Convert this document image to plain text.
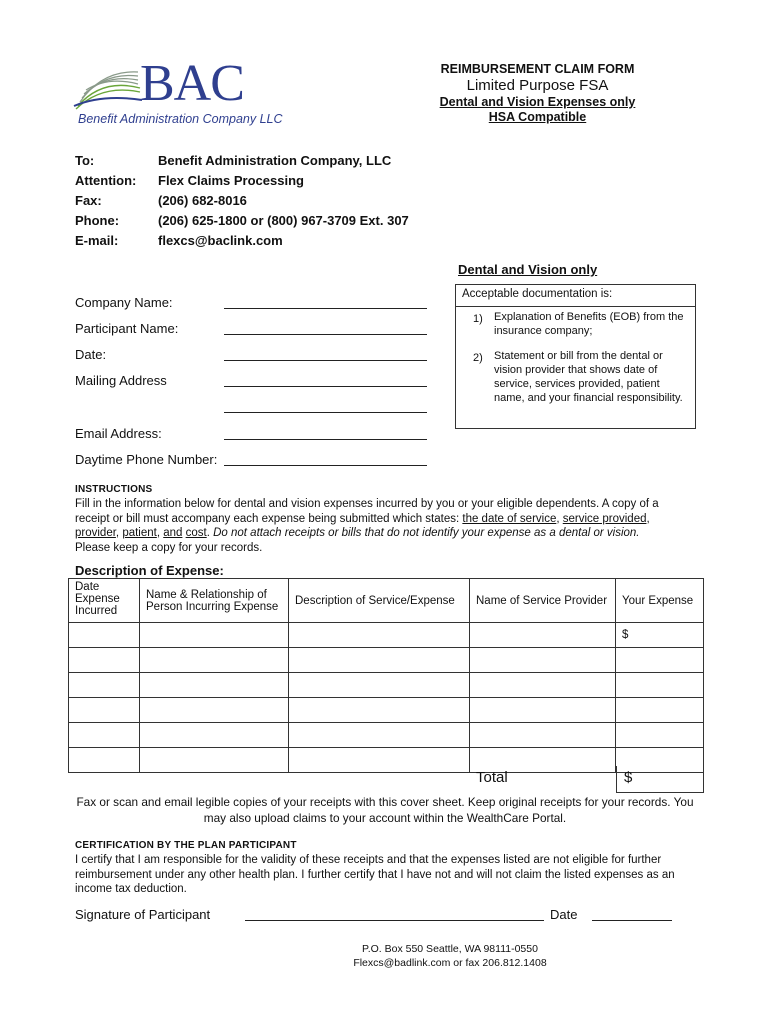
BAC
Benefit Administration Company LLC
REIMBURSEMENT CLAIM FORM
Limited Purpose FSA
Dental and Vision Expenses only
HSA Compatible
To:	Benefit Administration Company, LLC
Attention: Flex Claims Processing
Fax:	(206) 682-8016
Phone:	(206) 625-1800 or (800) 967-3709 Ext. 307
E-mail:	flexcs@baclink.com
Dental and Vision only
Company Name:
Participant Name:
Date:
Mailing Address
Email Address:
Daytime Phone Number:
Acceptable documentation is:
1) Explanation of Benefits (EOB) from the insurance company;
2) Statement or bill from the dental or vision provider that shows date of service, services provided, patient name, and your financial responsibility.
INSTRUCTIONS
Fill in the information below for dental and vision expenses incurred by you or your eligible dependents. A copy of a receipt or bill must accompany each expense being submitted which states: the date of service, service provided, provider, patient, and cost. Do not attach receipts or bills that do not identify your expense as a dental or vision.
Please keep a copy for your records.
Description of Expense:
Date Expense Incurred	Name & Relationship of Person Incurring Expense	Description of Service/Expense	Name of Service Provider	Your Expense
				$

Total	$
Fax or scan and email legible copies of your receipts with this cover sheet. Keep original receipts for your records. You may also upload claims to your account within the WealthCare Portal.
CERTIFICATION BY THE PLAN PARTICIPANT
I certify that I am responsible for the validity of these receipts and that the expenses listed are not eligible for further reimbursement under any other health plan. I further certify that I have not and will not claim the listed expenses as an income tax deduction.
Signature of Participant	Date
P.O. Box 550 Seattle, WA 98111-0550
Flexcs@badlink.com or fax 206.812.1408
